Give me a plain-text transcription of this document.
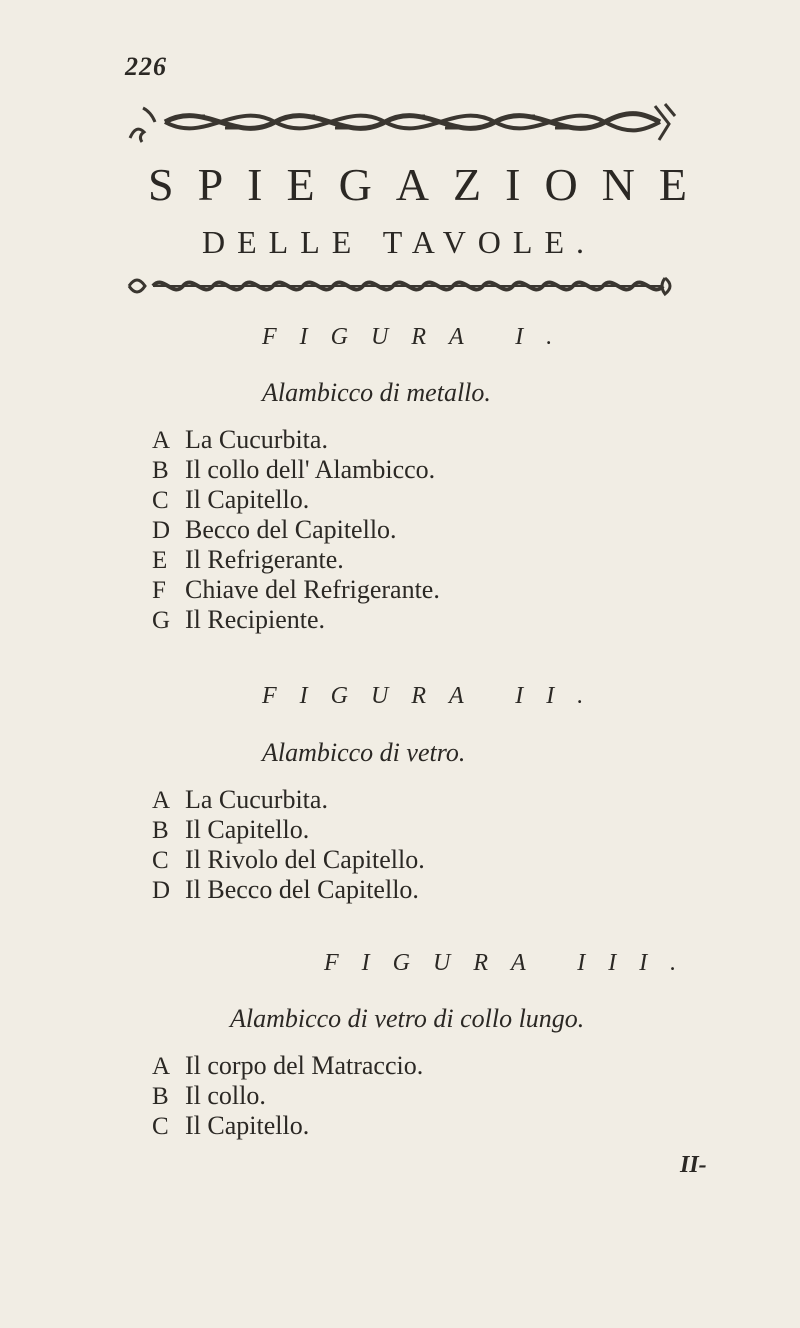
226
SPIEGAZIONE
DELLE TAVOLE.
FIGURA I.
Alambicco di metallo.
A La Cucurbita.
B Il collo dell' Alambicco.
C Il Capitello.
D Becco del Capitello.
E Il Refrigerante.
F Chiave del Refrigerante.
G Il Recipiente.
FIGURA II.
Alambicco di vetro.
A La Cucurbita.
B Il Capitello.
C Il Rivolo del Capitello.
D Il Becco del Capitello.
FIGURA III.
Alambicco di vetro di collo lungo.
A Il corpo del Matraccio.
B Il collo.
C Il Capitello.
II-
